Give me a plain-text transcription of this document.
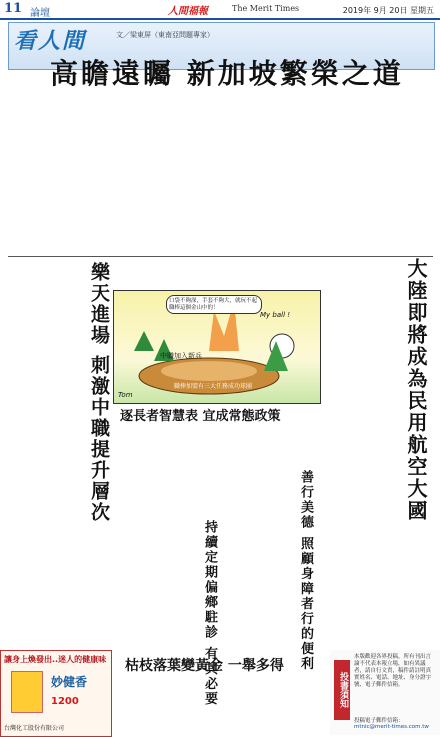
11 論壇	人間福報	The Merit Times	2019年 9月 20日 星期五
看人間	文／梁東屏（東南亞問題專家）
高瞻遠矚 新加坡繁榮之道
大陸即將成為民用航空大國
樂天進場 刺激中職提升層次	口袋不夠深，手套不夠大，就玩不起職棒這個金山中的！
My ball !
中職加入新兵
職棒加盟有三大任務成功球團
Tom
逐長者智慧表 宜成常態政策
持續定期偏鄉駐診 有其必要	善行美德 照顧身障者行的便利
枯枝落葉變黃金 一舉多得
讓身上煥發出..迷人的健康味
妙健香
1200
台灣化工股份有限公司
投書須知
本版歡迎各界投稿，所有刊出言論不代表本報立場，如有異議者，請自行文責，稿件請註明真實姓名、電話、地址、身分證字號、電子郵件信箱。
投稿電子郵件信箱：
mtnic@merit-times.com.tw
